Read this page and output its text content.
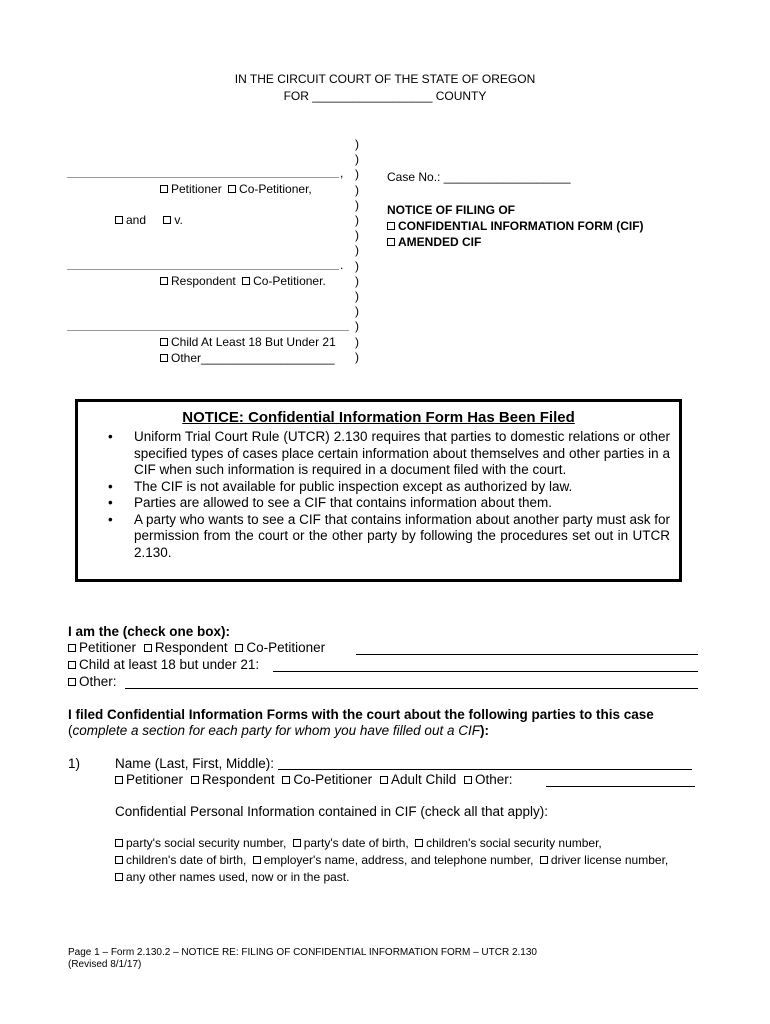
IN THE CIRCUIT COURT OF THE STATE OF OREGON
FOR __________________ COUNTY
)
)
)
)
)
)
)
)
)
)
)
)
)
)
)
,
Petitioner Co-Petitioner,
and v.
.
Respondent Co-Petitioner.
Child At Least 18 But Under 21
Other____________________
Case No.: ___________________
NOTICE OF FILING OF
CONFIDENTIAL INFORMATION FORM (CIF)
AMENDED CIF
NOTICE: Confidential Information Form Has Been Filed
• Uniform Trial Court Rule (UTCR) 2.130 requires that parties to domestic relations or other specified types of cases place certain information about themselves and other parties in a CIF when such information is required in a document filed with the court.
• The CIF is not available for public inspection except as authorized by law.
• Parties are allowed to see a CIF that contains information about them.
• A party who wants to see a CIF that contains information about another party must ask for permission from the court or the other party by following the procedures set out in UTCR 2.130.
I am the (check one box):
Petitioner Respondent Co-Petitioner
Child at least 18 but under 21:
Other:
I filed Confidential Information Forms with the court about the following parties to this case
(complete a section for each party for whom you have filled out a CIF):
1)	Name (Last, First, Middle):
Petitioner Respondent Co-Petitioner Adult Child Other:
Confidential Personal Information contained in CIF (check all that apply):
party's social security number, party's date of birth, children's social security number,
children's date of birth, employer's name, address, and telephone number, driver license number,
any other names used, now or in the past.
Page 1 – Form 2.130.2 – NOTICE RE: FILING OF CONFIDENTIAL INFORMATION FORM – UTCR 2.130
(Revised 8/1/17)
